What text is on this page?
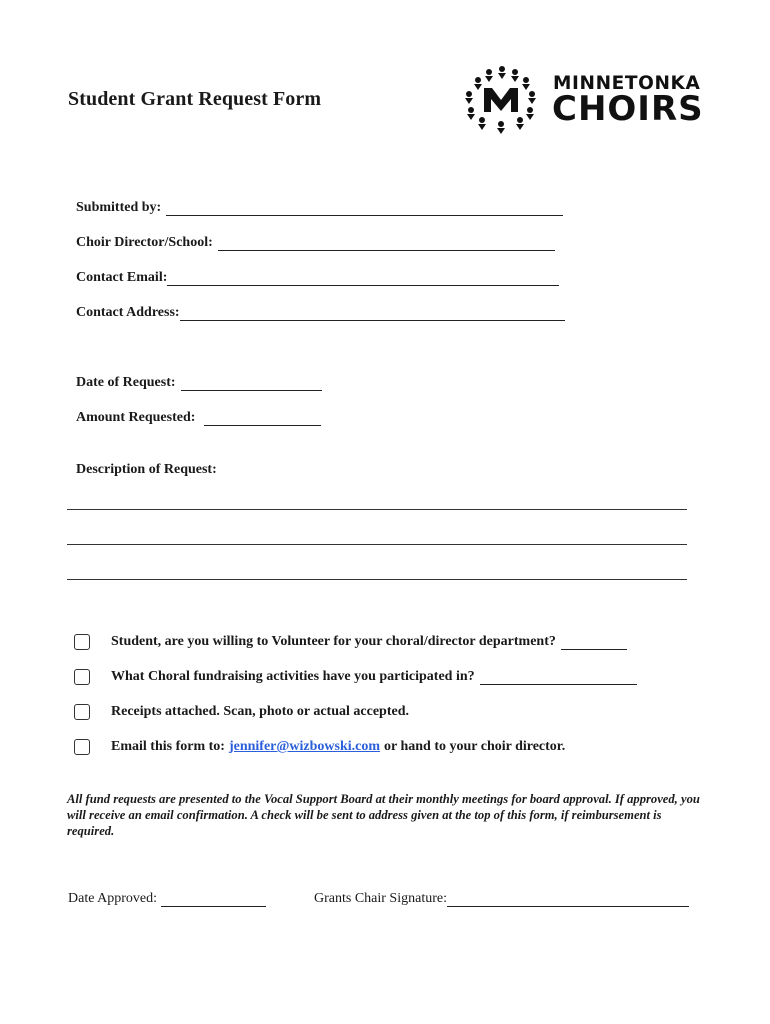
Student Grant Request Form
MINNETONKA
CHOIRS
Submitted by:
Choir Director/School:
Contact Email:
Contact Address:
Date of Request:
Amount Requested:
Description of Request:
Student, are you willing to Volunteer for your choral/director department?
What Choral fundraising activities have you participated in?
Receipts attached. Scan, photo or actual accepted.
Email this form to: jennifer@wizbowski.com or hand to your choir director.
All fund requests are presented to the Vocal Support Board at their monthly meetings for board approval. If approved, you will receive an email confirmation. A check will be sent to address given at the top of this form, if reimbursement is required.
Date Approved:	Grants Chair Signature:
